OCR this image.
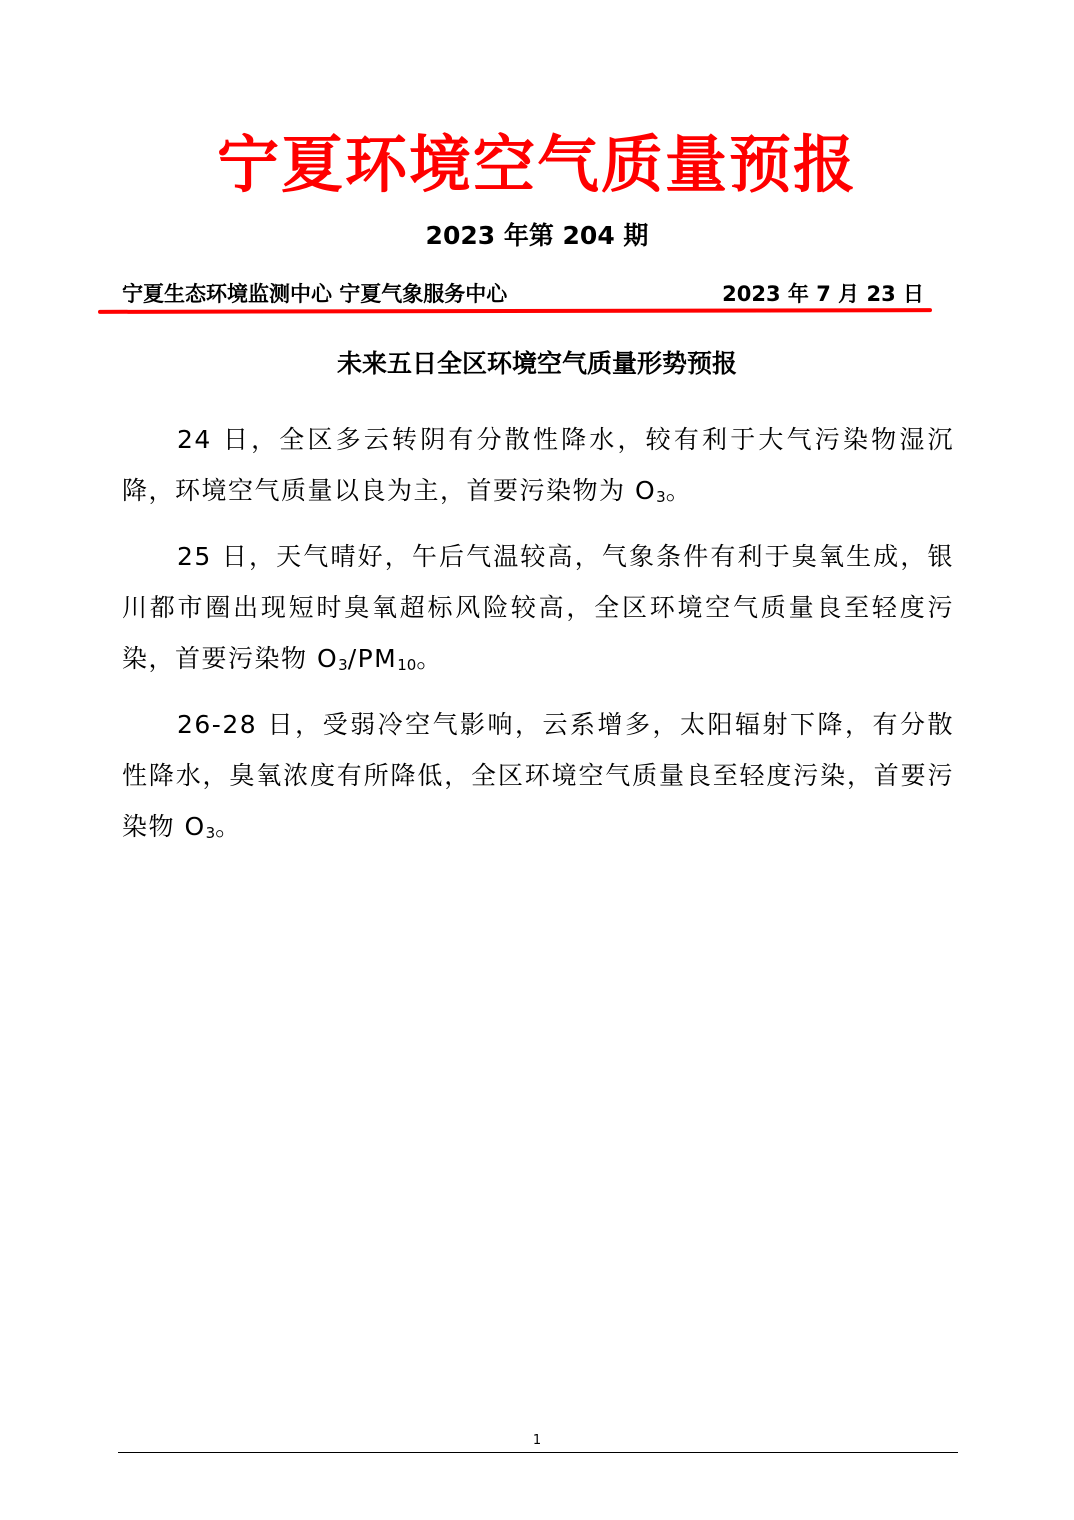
宁夏环境空气质量预报
2023 年第 204 期
宁夏生态环境监测中心 宁夏气象服务中心	2023 年 7 月 23 日
未来五日全区环境空气质量形势预报

24 日，全区多云转阴有分散性降水，较有利于大气污染物湿沉降，环境空气质量以良为主，首要污染物为 $O_3$。

25 日，天气晴好，午后气温较高，气象条件有利于臭氧生成，银川都市圈出现短时臭氧超标风险较高，全区环境空气质量良至轻度污染，首要污染物 $O_3/PM_{10}$。

26-28 日，受弱冷空气影响，云系增多，太阳辐射下降，有分散性降水，臭氧浓度有所降低，全区环境空气质量良至轻度污染，首要污染物 $O_3$。

1
